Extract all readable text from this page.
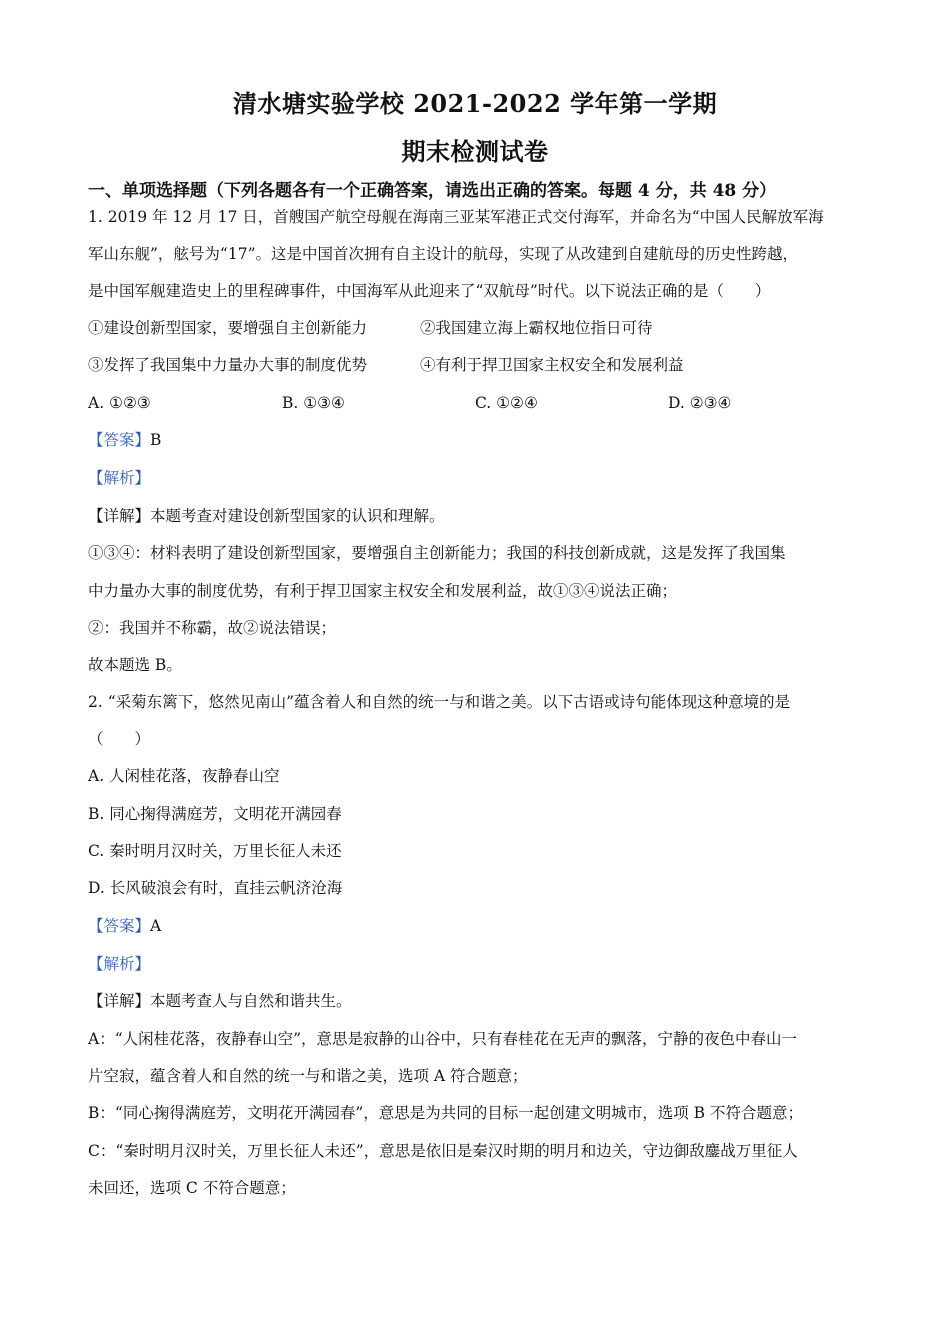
清水塘实验学校 2021-2022 学年第一学期
期末检测试卷
一、单项选择题（下列各题各有一个正确答案，请选出正确的答案。每题 4 分，共 48 分）
1. 2019 年 12 月 17 日，首艘国产航空母舰在海南三亚某军港正式交付海军，并命名为“中国人民解放军海
军山东舰”，舷号为“17”。这是中国首次拥有自主设计的航母，实现了从改建到自建航母的历史性跨越，
是中国军舰建造史上的里程碑事件，中国海军从此迎来了“双航母”时代。以下说法正确的是（　　）
①建设创新型国家，要增强自主创新能力	②我国建立海上霸权地位指日可待
③发挥了我国集中力量办大事的制度优势	④有利于捍卫国家主权安全和发展利益
A. ①②③	B. ①③④	C. ①②④	D. ②③④
【答案】B
【解析】
【详解】本题考查对建设创新型国家的认识和理解。
①③④：材料表明了建设创新型国家，要增强自主创新能力；我国的科技创新成就，这是发挥了我国集
中力量办大事的制度优势，有利于捍卫国家主权安全和发展利益，故①③④说法正确；
②：我国并不称霸，故②说法错误；
故本题选 B。
2. “采菊东篱下，悠然见南山”蕴含着人和自然的统一与和谐之美。以下古语或诗句能体现这种意境的是
（　　）
A. 人闲桂花落，夜静春山空
B. 同心掬得满庭芳，文明花开满园春
C. 秦时明月汉时关，万里长征人未还
D. 长风破浪会有时，直挂云帆济沧海
【答案】A
【解析】
【详解】本题考查人与自然和谐共生。
A：“人闲桂花落，夜静春山空”，意思是寂静的山谷中，只有春桂花在无声的飘落，宁静的夜色中春山一
片空寂，蕴含着人和自然的统一与和谐之美，选项 A 符合题意；
B：“同心掬得满庭芳，文明花开满园春”，意思是为共同的目标一起创建文明城市，选项 B 不符合题意；
C：“秦时明月汉时关，万里长征人未还”，意思是依旧是秦汉时期的明月和边关，守边御敌鏖战万里征人
未回还，选项 C 不符合题意；
